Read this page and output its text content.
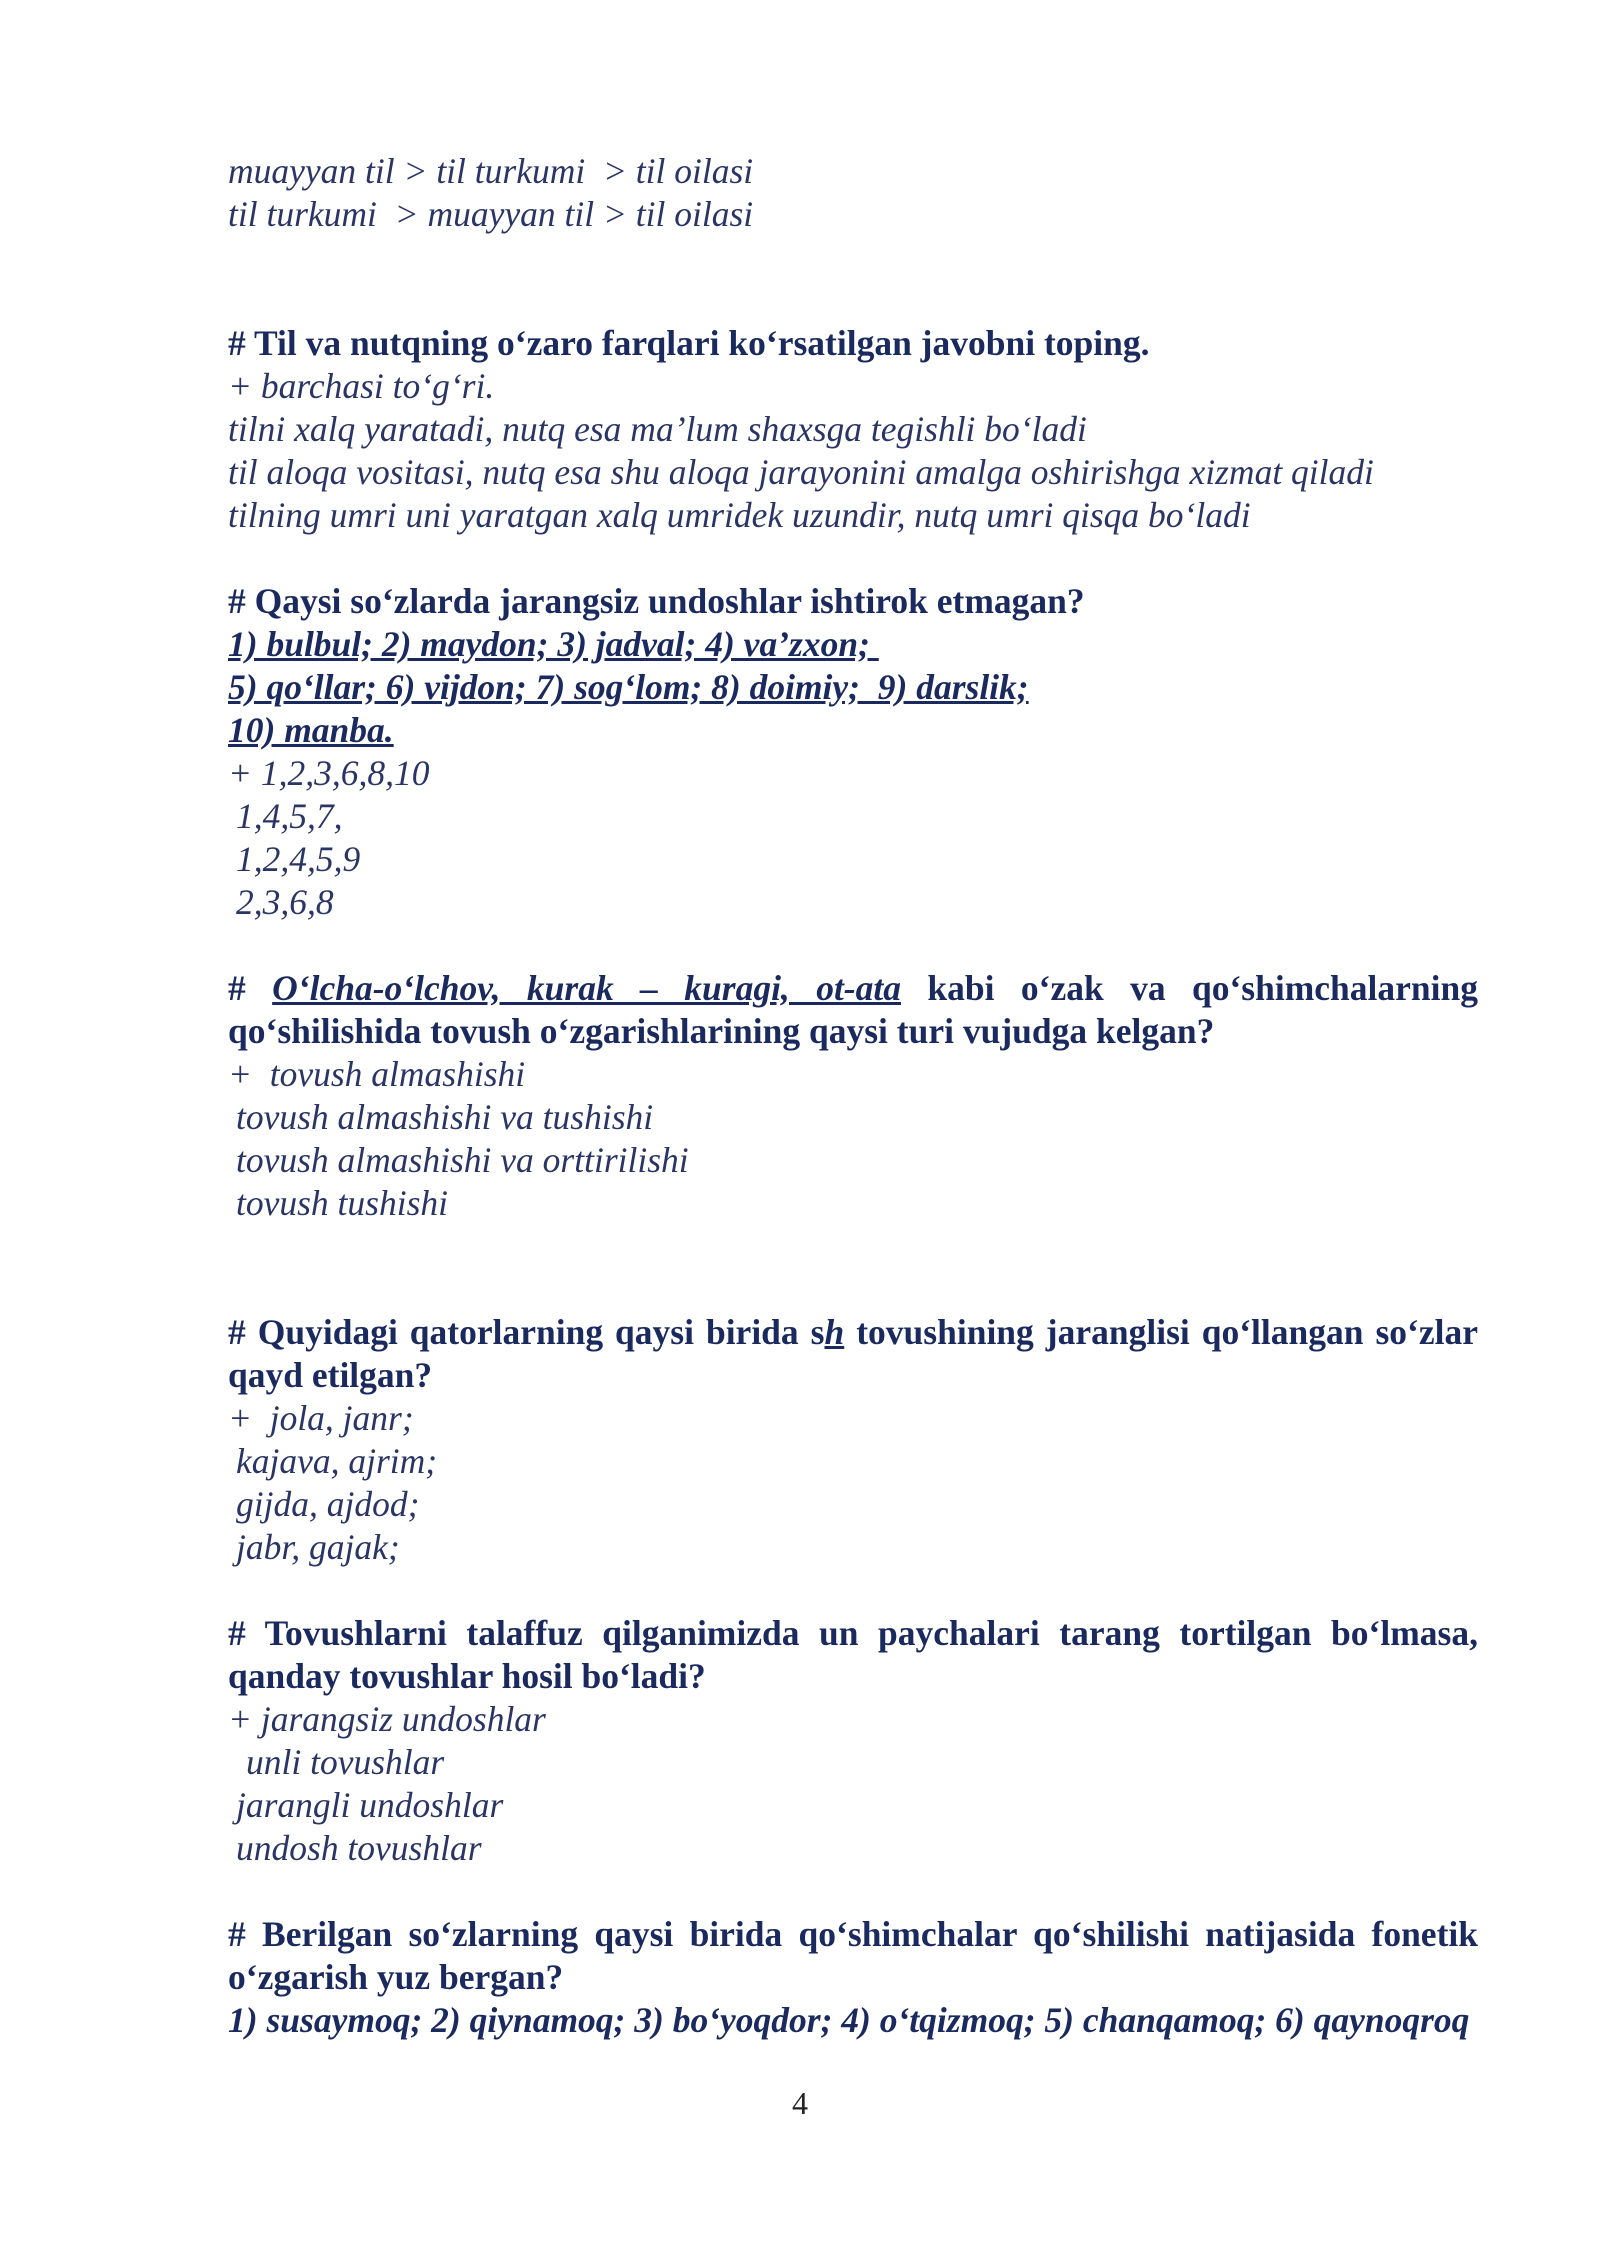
muayyan til > til turkumi  > til oilasi
til turkumi  > muayyan til > til oilasi
# Til va nutqning o‘zaro farqlari ko‘rsatilgan javobni toping.
+ barchasi to‘g‘ri.
tilni xalq yaratadi, nutq esa ma’lum shaxsga tegishli bo‘ladi
til aloqa vositasi, nutq esa shu aloqa jarayonini amalga oshirishga xizmat qiladi
tilning umri uni yaratgan xalq umridek uzundir, nutq umri qisqa bo‘ladi
# Qaysi so‘zlarda jarangsiz undoshlar ishtirok etmagan?
1) bulbul; 2) maydon; 3) jadval; 4) va’zxon;
5) qo‘llar; 6) vijdon; 7) sog‘lom; 8) doimiy;  9) darslik;
10) manba.
+ 1,2,3,6,8,10
1,4,5,7,
1,2,4,5,9
2,3,6,8
# O‘lcha-o‘lchov, kurak – kuragi, ot-ata kabi o‘zak va qo‘shimchalarning qo‘shilishida tovush o‘zgarishlarining qaysi turi vujudga kelgan?
+  tovush almashishi
tovush almashishi va tushishi
tovush almashishi va orttirilishi
tovush tushishi
# Quyidagi qatorlarning qaysi birida sh tovushining jaranglisi qo‘llangan so‘zlar qayd etilgan?
+  jola, janr;
kajava, ajrim;
gijda, ajdod;
jabr, gajak;
# Tovushlarni talaffuz qilganimizda un paychalari tarang tortilgan bo‘lmasa, qanday tovushlar hosil bo‘ladi?
+ jarangsiz undoshlar
unli tovushlar
jarangli undoshlar
undosh tovushlar
# Berilgan so‘zlarning qaysi birida qo‘shimchalar qo‘shilishi natijasida fonetik o‘zgarish yuz bergan?
1) susaymoq; 2) qiynamoq; 3) bo‘yoqdor; 4) o‘tqizmoq; 5) chanqamoq; 6) qaynoqroq
4
